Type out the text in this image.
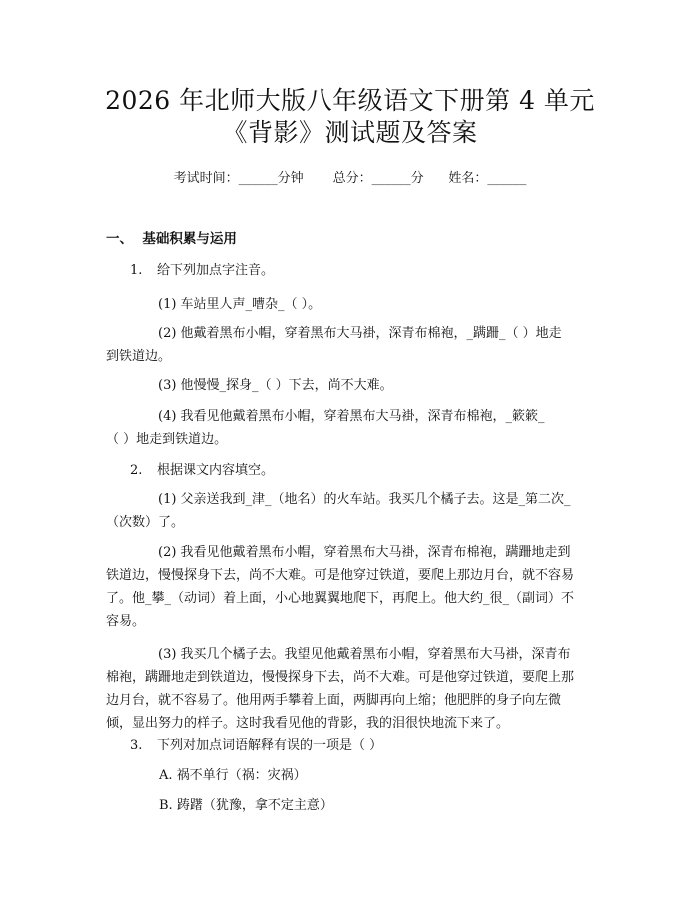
2026 年北师大版八年级语文下册第 4 单元
《背影》测试题及答案
考试时间：______分钟 总分：______分 姓名：______
一、  基础积累与运用
1. 给下列加点字注音。
(1) 车站里人声_嘈杂_（ ）。
(2) 他戴着黑布小帽，穿着黑布大马褂，深青布棉袍，_蹒跚_（ ）地走
到铁道边。
(3) 他慢慢_探身_（ ）下去，尚不大难。
(4) 我看见他戴着黑布小帽，穿着黑布大马褂，深青布棉袍，_簌簌_
（ ）地走到铁道边。
2. 根据课文内容填空。
(1) 父亲送我到_津_（地名）的火车站。我买几个橘子去。这是_第二次_
（次数）了。
(2) 我看见他戴着黑布小帽，穿着黑布大马褂，深青布棉袍，蹒跚地走到
铁道边，慢慢探身下去，尚不大难。可是他穿过铁道，要爬上那边月台，就不容易
了。他_攀_（动词）着上面，小心地翼翼地爬下，再爬上。他大约_很_（副词）不
容易。
(3) 我买几个橘子去。我望见他戴着黑布小帽，穿着黑布大马褂，深青布
棉袍，蹒跚地走到铁道边，慢慢探身下去，尚不大难。可是他穿过铁道，要爬上那
边月台，就不容易了。他用两手攀着上面，两脚再向上缩；他肥胖的身子向左微
倾，显出努力的样子。这时我看见他的背影，我的泪很快地流下来了。
3. 下列对加点词语解释有误的一项是（ ）
A. 祸不单行（祸：灾祸）
B. 踌躇（犹豫，拿不定主意）
